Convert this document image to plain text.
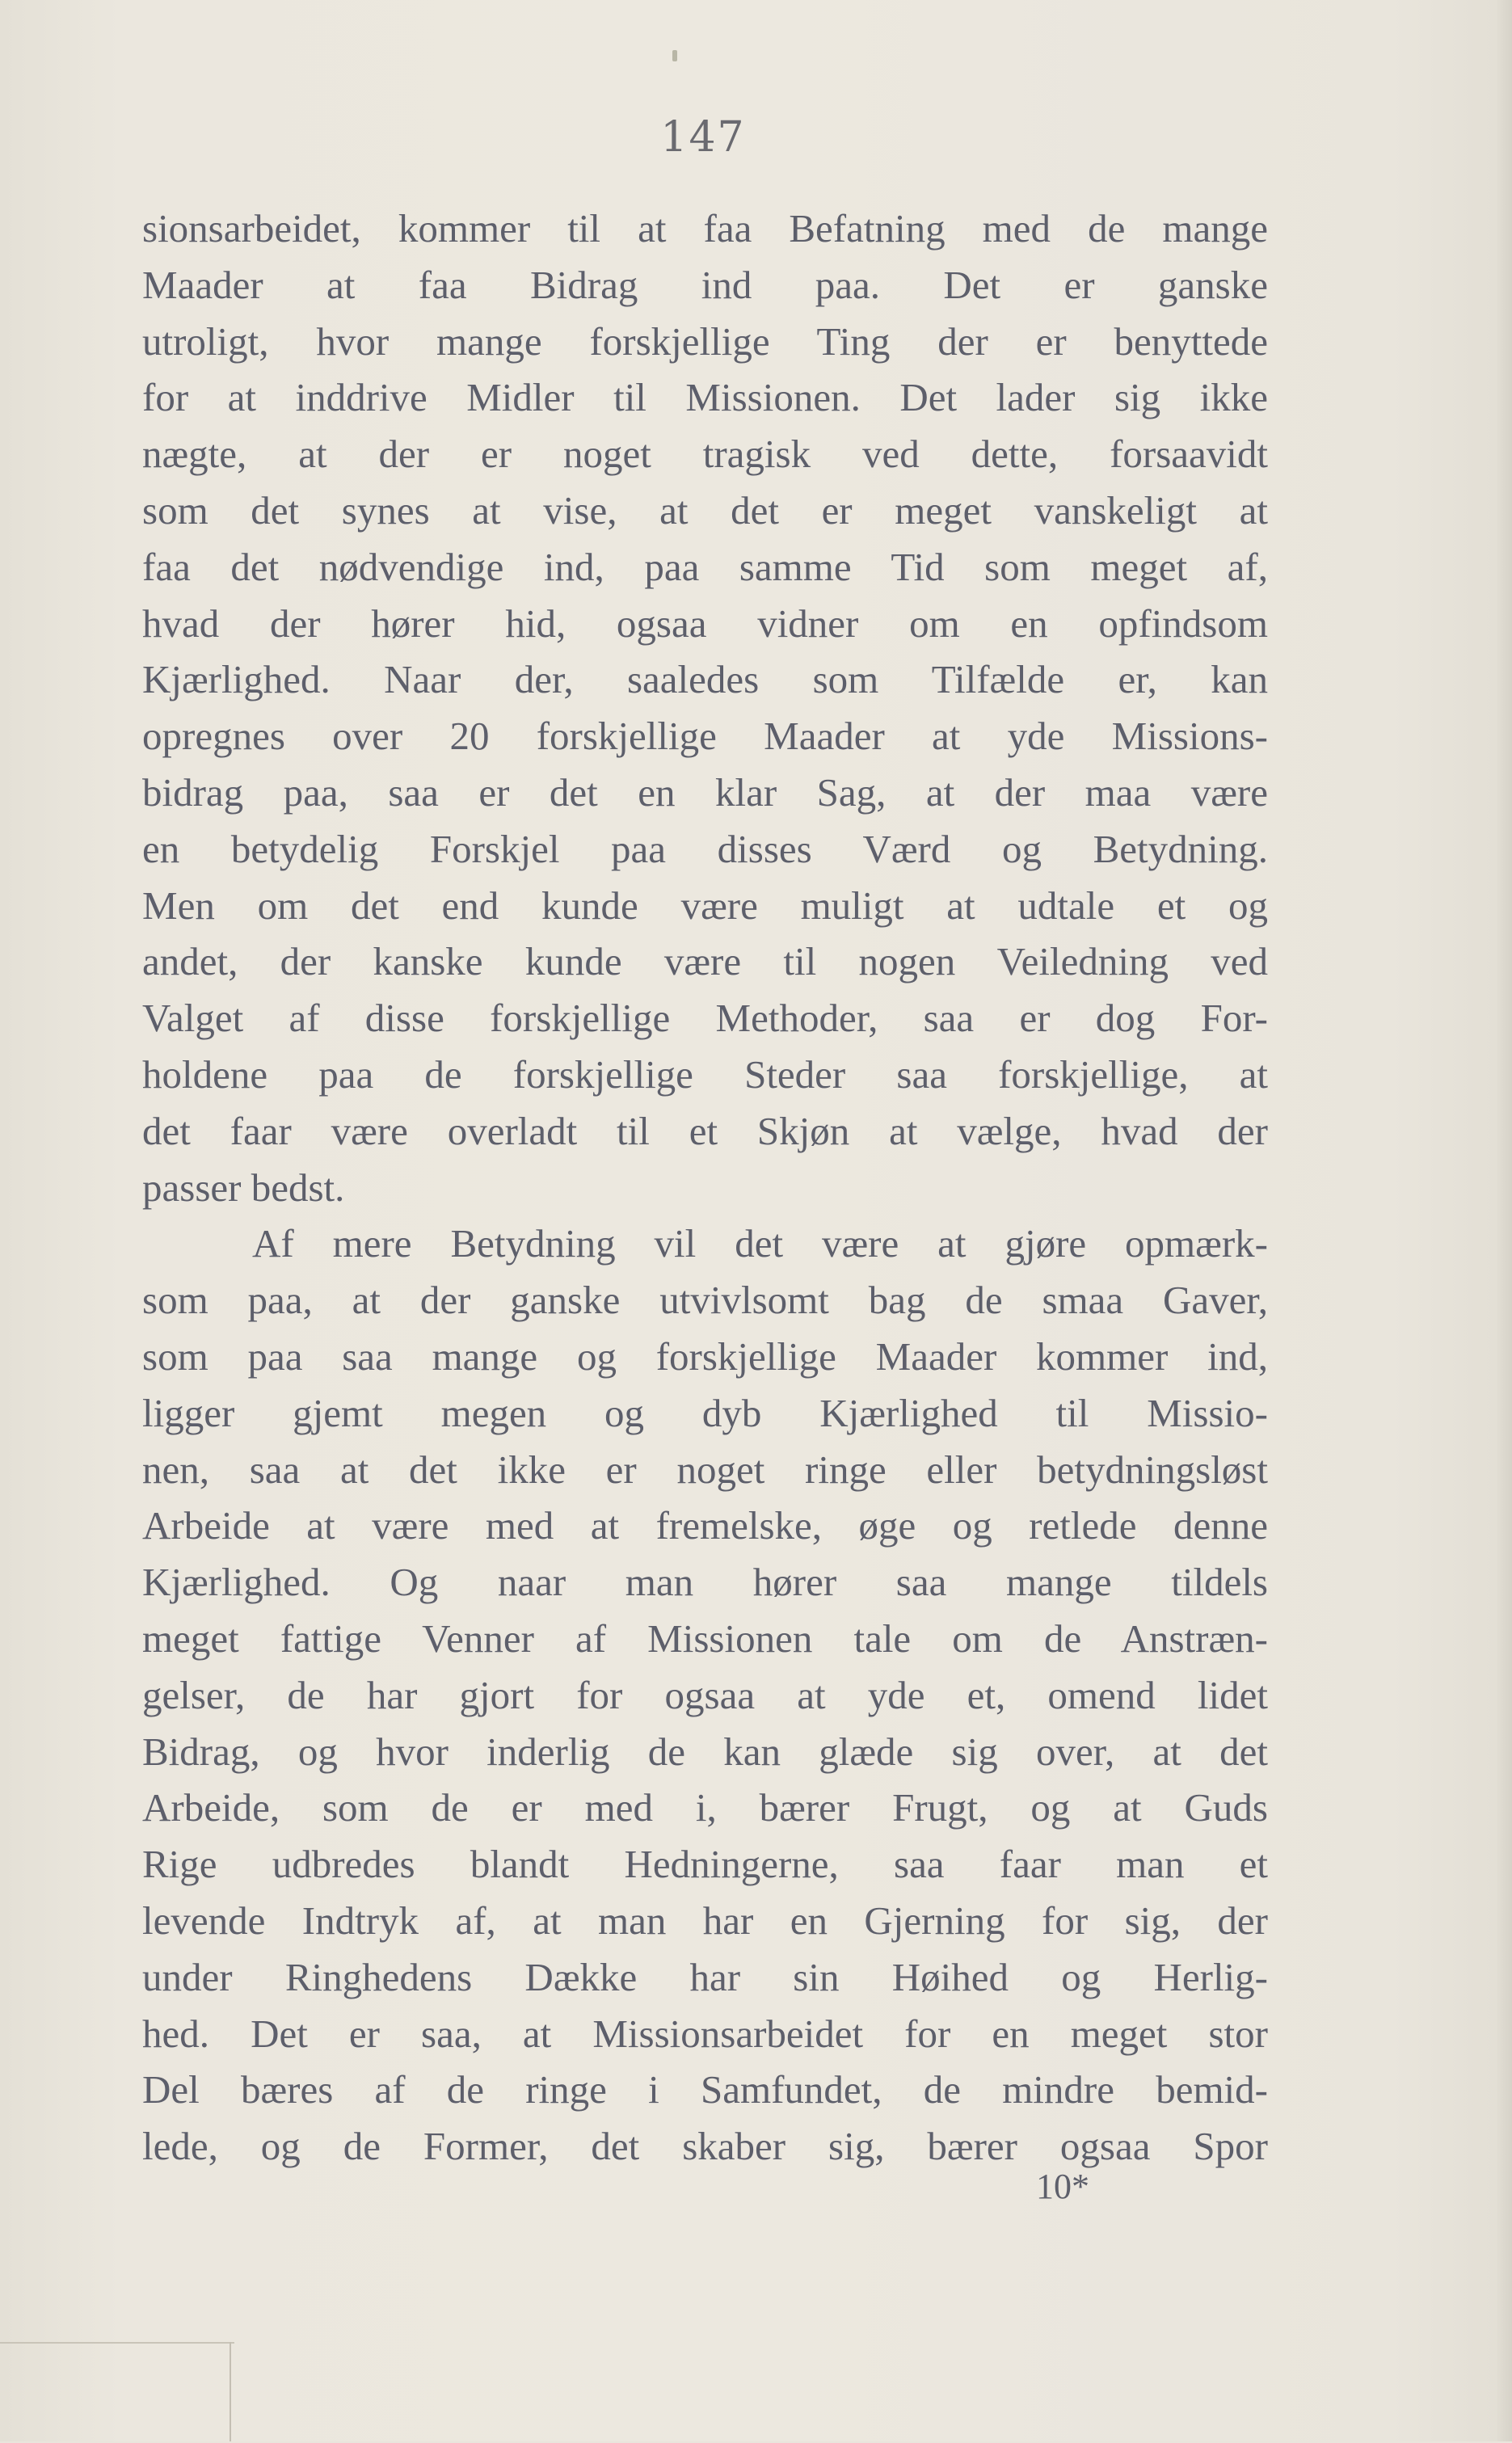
147
sionsarbeidet, kommer til at faa Befatning med de mange
Maader at faa Bidrag ind paa. Det er ganske
utroligt, hvor mange forskjellige Ting der er benyttede
for at inddrive Midler til Missionen. Det lader sig ikke
nægte, at der er noget tragisk ved dette, forsaavidt
som det synes at vise, at det er meget vanskeligt at
faa det nødvendige ind, paa samme Tid som meget af,
hvad der hører hid, ogsaa vidner om en opfindsom
Kjærlighed. Naar der, saaledes som Tilfælde er, kan
opregnes over 20 forskjellige Maader at yde Missions-
bidrag paa, saa er det en klar Sag, at der maa være
en betydelig Forskjel paa disses Værd og Betydning.
Men om det end kunde være muligt at udtale et og
andet, der kanske kunde være til nogen Veiledning ved
Valget af disse forskjellige Methoder, saa er dog For-
holdene paa de forskjellige Steder saa forskjellige, at
det faar være overladt til et Skjøn at vælge, hvad der
passer bedst.
Af mere Betydning vil det være at gjøre opmærk-
som paa, at der ganske utvivlsomt bag de smaa Gaver,
som paa saa mange og forskjellige Maader kommer ind,
ligger gjemt megen og dyb Kjærlighed til Missio-
nen, saa at det ikke er noget ringe eller betydningsløst
Arbeide at være med at fremelske, øge og retlede denne
Kjærlighed. Og naar man hører saa mange tildels
meget fattige Venner af Missionen tale om de Anstræn-
gelser, de har gjort for ogsaa at yde et, omend lidet
Bidrag, og hvor inderlig de kan glæde sig over, at det
Arbeide, som de er med i, bærer Frugt, og at Guds
Rige udbredes blandt Hedningerne, saa faar man et
levende Indtryk af, at man har en Gjerning for sig, der
under Ringhedens Dække har sin Høihed og Herlig-
hed. Det er saa, at Missionsarbeidet for en meget stor
Del bæres af de ringe i Samfundet, de mindre bemid-
lede, og de Former, det skaber sig, bærer ogsaa Spor
10*
